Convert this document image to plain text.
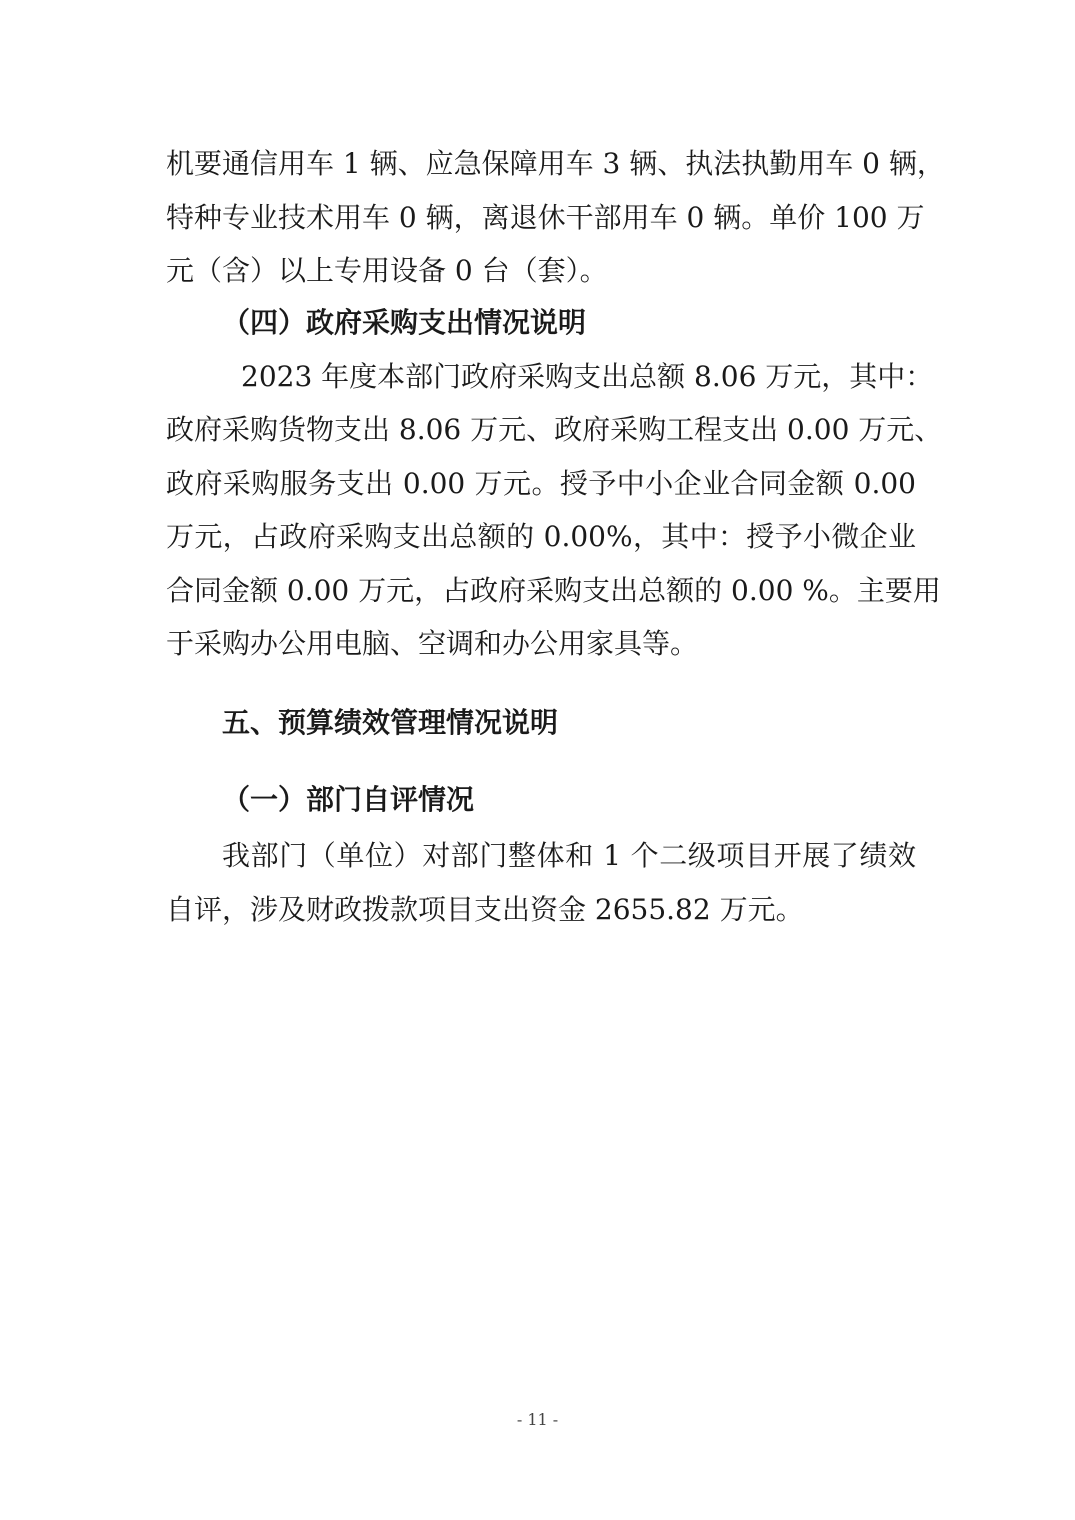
机要通信用车 1 辆、应急保障用车 3 辆、执法执勤用车 0 辆，
特种专业技术用车 0 辆，离退休干部用车 0 辆。单价 100 万
元（含）以上专用设备 0 台（套）。
（四）政府采购支出情况说明
2023 年度本部门政府采购支出总额 8.06 万元，其中：
政府采购货物支出 8.06 万元、政府采购工程支出 0.00 万元、
政府采购服务支出 0.00 万元。授予中小企业合同金额 0.00
万元，占政府采购支出总额的 0.00%，其中：授予小微企业
合同金额 0.00 万元，占政府采购支出总额的 0.00 %。主要用
于采购办公用电脑、空调和办公用家具等。
五、预算绩效管理情况说明
（一）部门自评情况
我部门（单位）对部门整体和 1 个二级项目开展了绩效
自评，涉及财政拨款项目支出资金 2655.82 万元。
- 11 -
